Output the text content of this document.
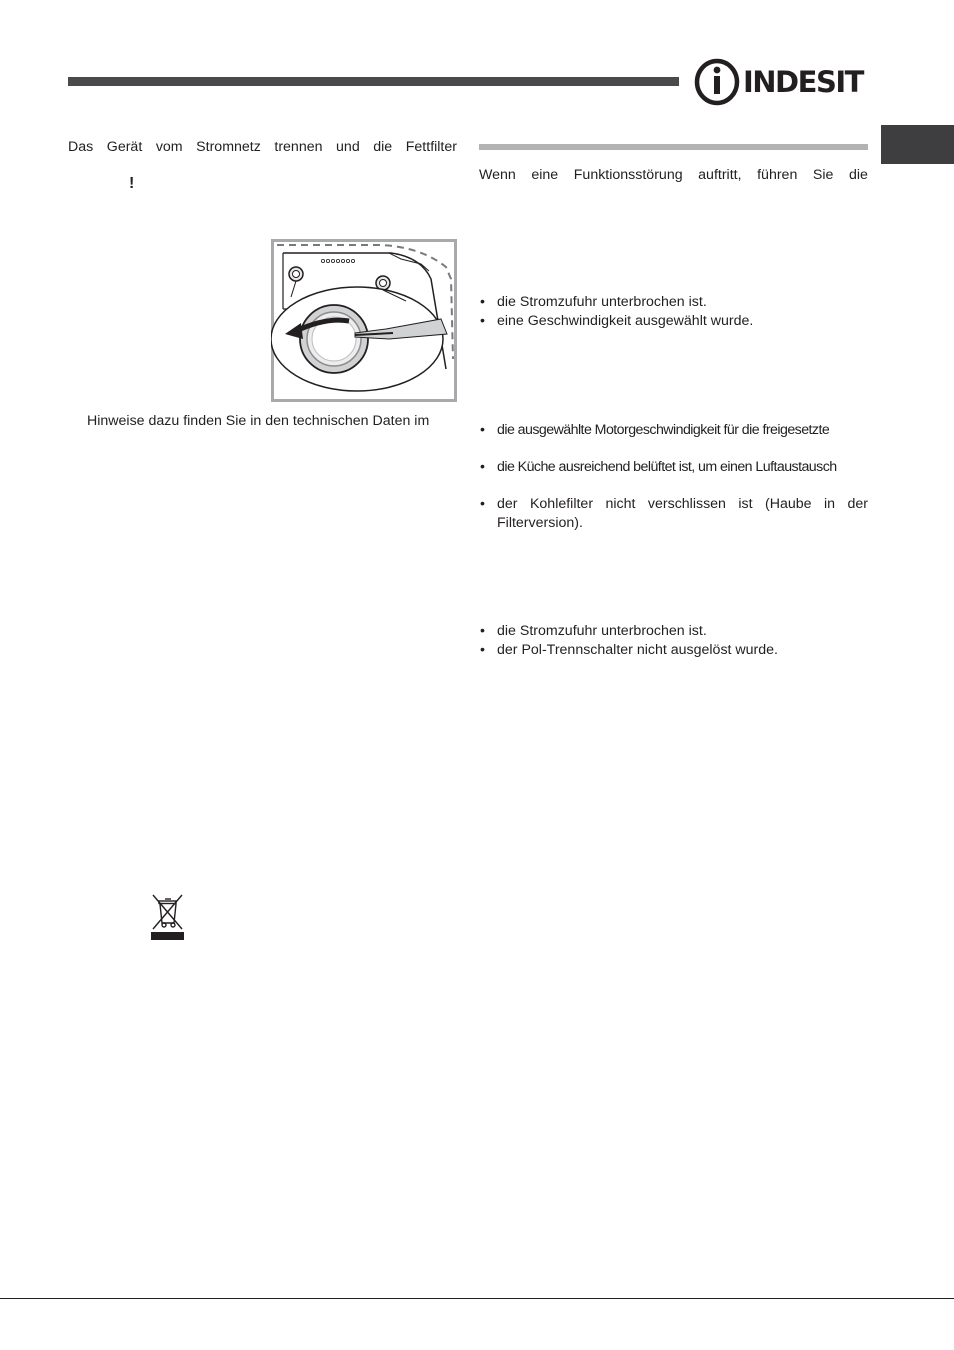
INDESIT
Das Gerät vom Stromnetz trennen und die Fettfilter
!
Hinweise dazu finden Sie in den technischen Daten im
Wenn eine Funktionsstörung auftritt, führen Sie die
• die Stromzufuhr unterbrochen ist.
• eine Geschwindigkeit ausgewählt wurde.
• die ausgewählte Motorgeschwindigkeit für die freigesetzte
• die Küche ausreichend belüftet ist, um einen Luftaustausch
• der Kohlefilter nicht verschlissen ist (Haube in der
Filterversion).
• die Stromzufuhr unterbrochen ist.
• der Pol-Trennschalter nicht ausgelöst wurde.
